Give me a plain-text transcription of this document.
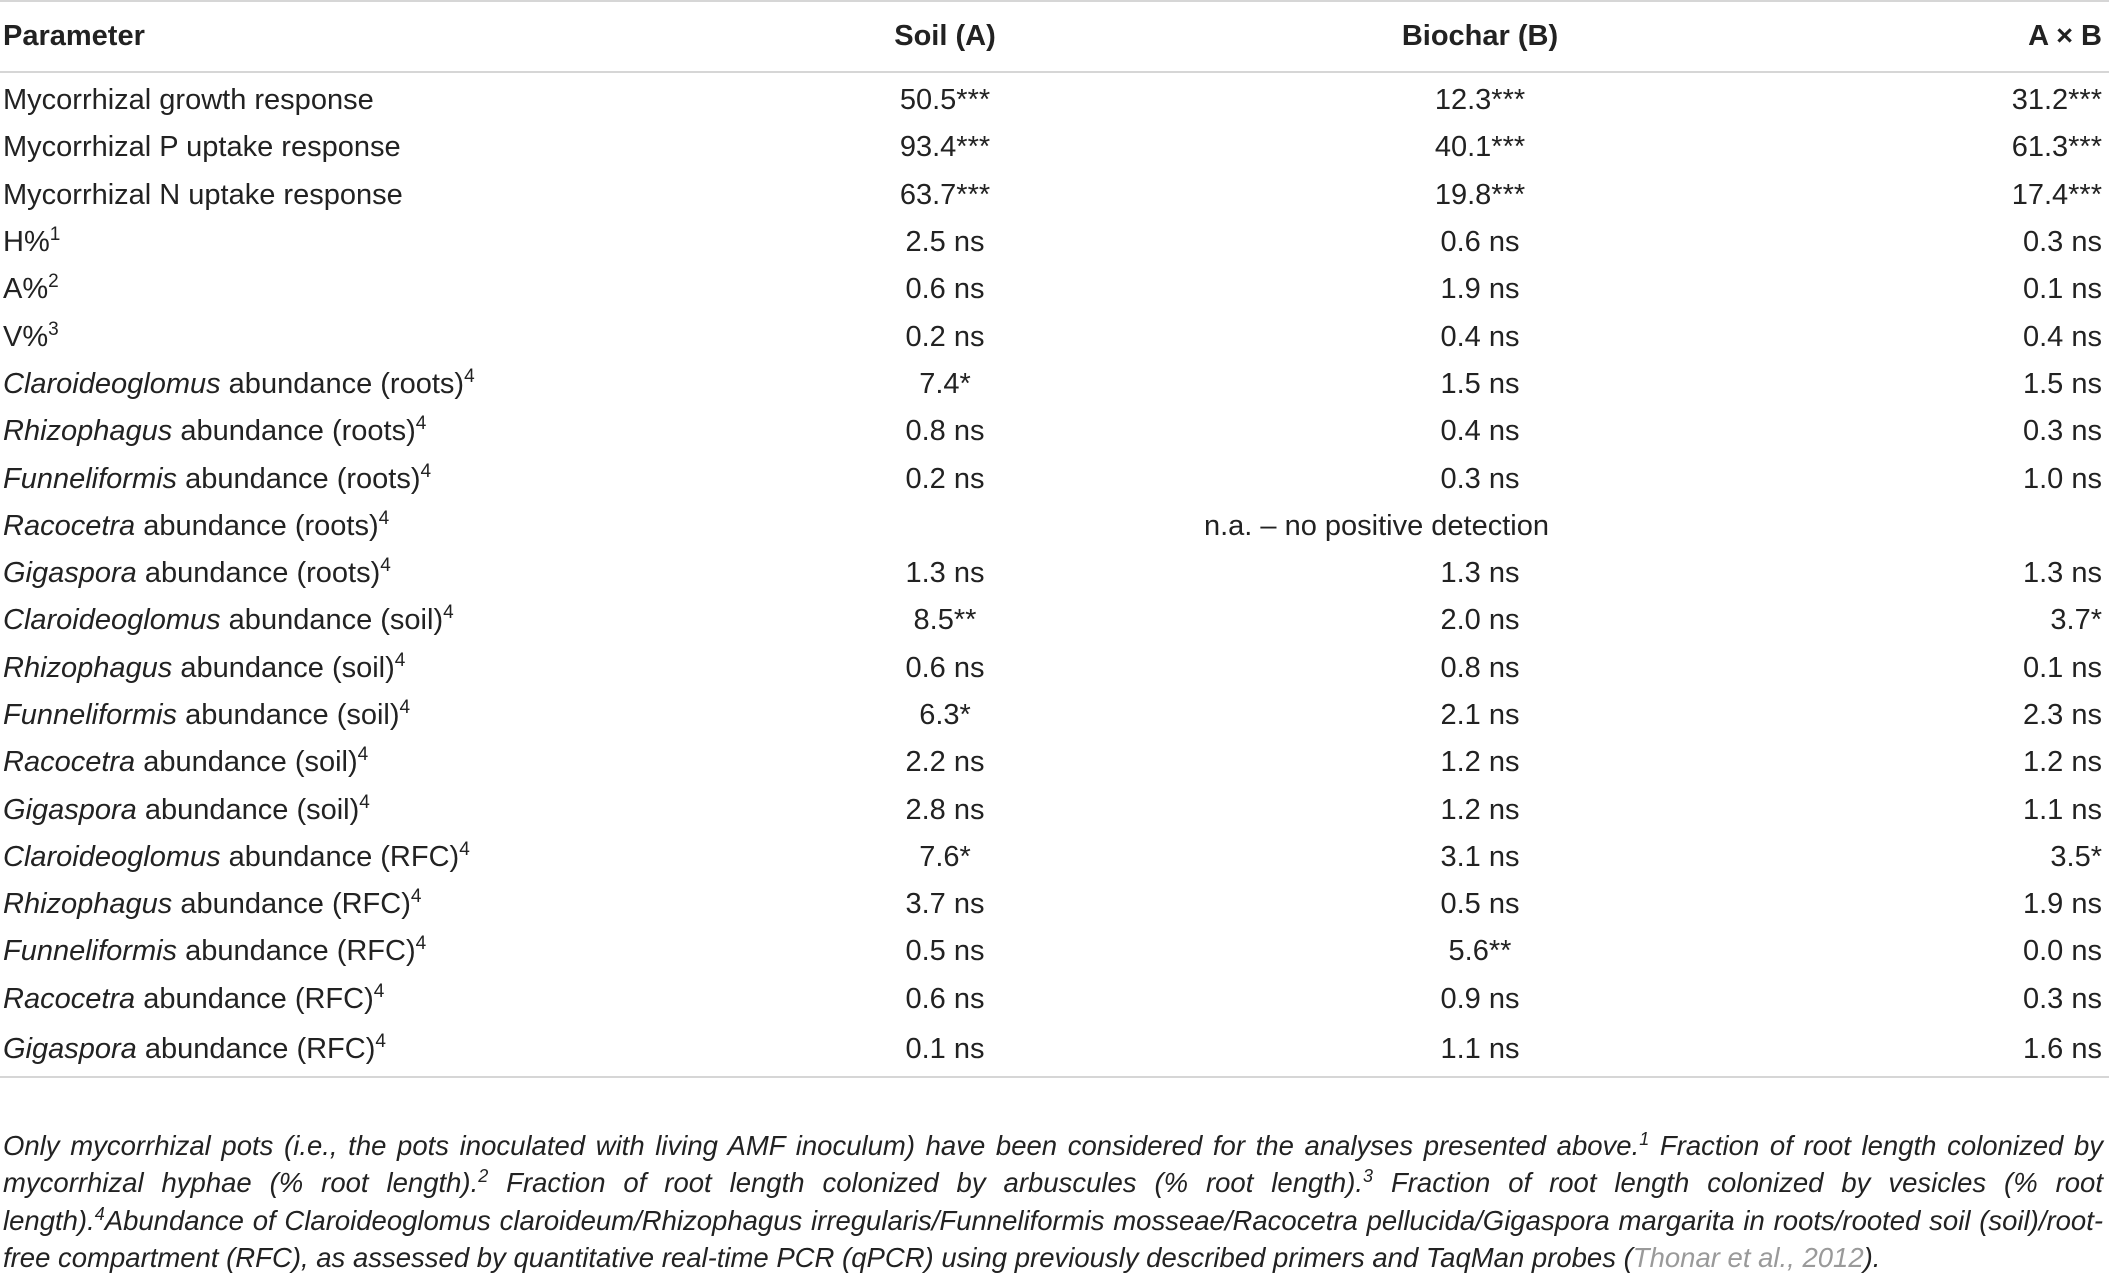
Parameter	Soil (A)	Biochar (B)	A × B
Mycorrhizal growth response	50.5***	12.3***	31.2***
Mycorrhizal P uptake response	93.4***	40.1***	61.3***
Mycorrhizal N uptake response	63.7***	19.8***	17.4***
H%$^1$	2.5 ns	0.6 ns	0.3 ns
A%$^2$	0.6 ns	1.9 ns	0.1 ns
V%$^3$	0.2 ns	0.4 ns	0.4 ns
Claroideoglomus abundance (roots)$^4$	7.4*	1.5 ns	1.5 ns
Rhizophagus abundance (roots)$^4$	0.8 ns	0.4 ns	0.3 ns
Funneliformis abundance (roots)$^4$	0.2 ns	0.3 ns	1.0 ns
Racocetra abundance (roots)$^4$	n.a. – no positive detection		
Gigaspora abundance (roots)$^4$	1.3 ns	1.3 ns	1.3 ns
Claroideoglomus abundance (soil)$^4$	8.5**	2.0 ns	3.7*
Rhizophagus abundance (soil)$^4$	0.6 ns	0.8 ns	0.1 ns
Funneliformis abundance (soil)$^4$	6.3*	2.1 ns	2.3 ns
Racocetra abundance (soil)$^4$	2.2 ns	1.2 ns	1.2 ns
Gigaspora abundance (soil)$^4$	2.8 ns	1.2 ns	1.1 ns
Claroideoglomus abundance (RFC)$^4$	7.6*	3.1 ns	3.5*
Rhizophagus abundance (RFC)$^4$	3.7 ns	0.5 ns	1.9 ns
Funneliformis abundance (RFC)$^4$	0.5 ns	5.6**	0.0 ns
Racocetra abundance (RFC)$^4$	0.6 ns	0.9 ns	0.3 ns
Gigaspora abundance (RFC)$^4$	0.1 ns	1.1 ns	1.6 ns

Only mycorrhizal pots (i.e., the pots inoculated with living AMF inoculum) have been considered for the analyses presented above.$^1$ Fraction of root length colonized by mycorrhizal hyphae (% root length).$^2$ Fraction of root length colonized by arbuscules (% root length).$^3$ Fraction of root length colonized by vesicles (% root length).$^4$Abundance of Claroideoglomus claroideum/Rhizophagus irregularis/Funneliformis mosseae/Racocetra pellucida/Gigaspora margarita in roots/rooted soil (soil)/root-free compartment (RFC), as assessed by quantitative real-time PCR (qPCR) using previously described primers and TaqMan probes (Thonar et al., 2012).
